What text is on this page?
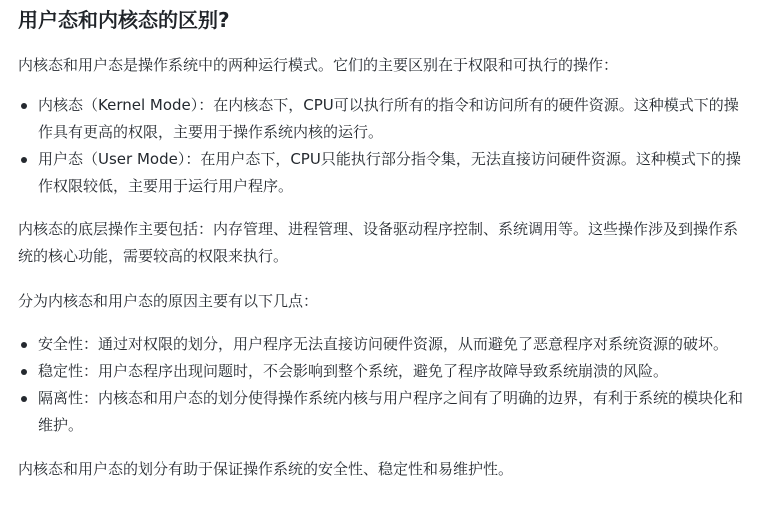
用户态和内核态的区别?

内核态和用户态是操作系统中的两种运行模式。它们的主要区别在于权限和可执行的操作：

内核态（Kernel Mode）：在内核态下，CPU可以执行所有的指令和访问所有的硬件资源。这种模式下的操作具有更高的权限，主要用于操作系统内核的运行。
用户态（User Mode）：在用户态下，CPU只能执行部分指令集，无法直接访问硬件资源。这种模式下的操作权限较低，主要用于运行用户程序。

内核态的底层操作主要包括：内存管理、进程管理、设备驱动程序控制、系统调用等。这些操作涉及到操作系统的核心功能，需要较高的权限来执行。

分为内核态和用户态的原因主要有以下几点：

安全性：通过对权限的划分，用户程序无法直接访问硬件资源，从而避免了恶意程序对系统资源的破坏。
稳定性：用户态程序出现问题时，不会影响到整个系统，避免了程序故障导致系统崩溃的风险。
隔离性：内核态和用户态的划分使得操作系统内核与用户程序之间有了明确的边界，有利于系统的模块化和维护。

内核态和用户态的划分有助于保证操作系统的安全性、稳定性和易维护性。
